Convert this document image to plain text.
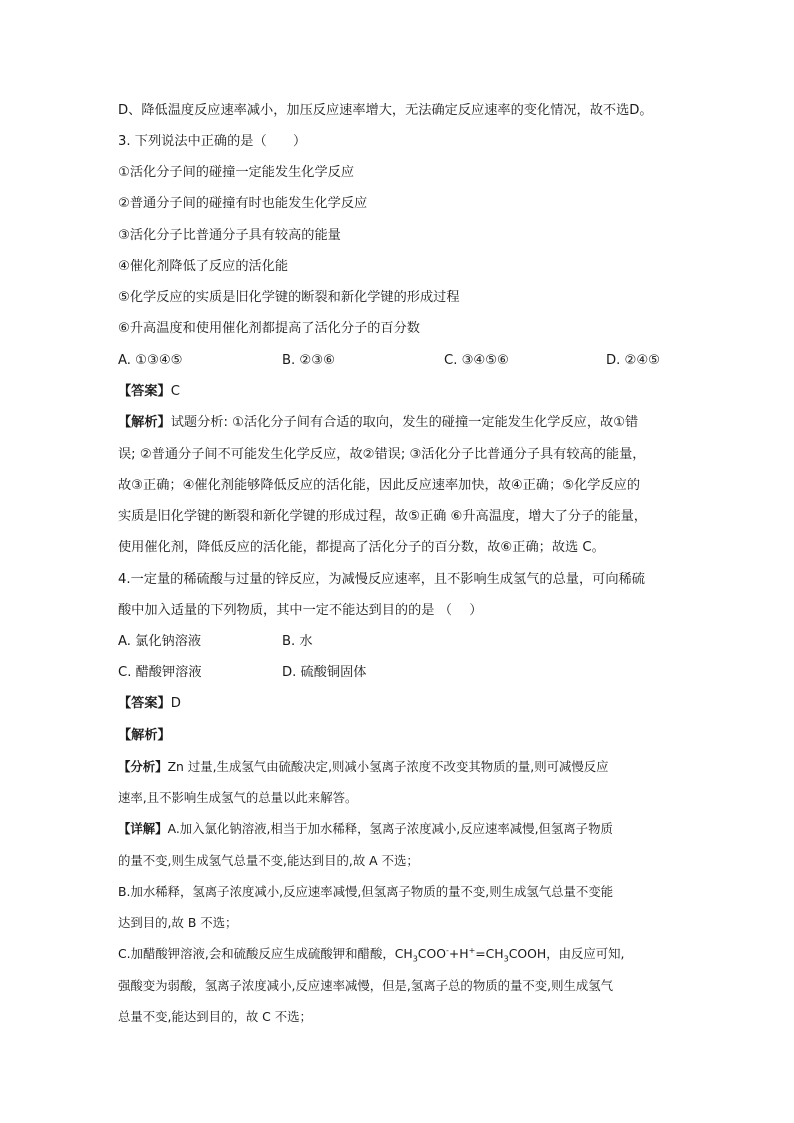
D、降低温度反应速率减小，加压反应速率增大，无法确定反应速率的变化情况，故不选D。
3. 下列说法中正确的是（　　）
①活化分子间的碰撞一定能发生化学反应
②普通分子间的碰撞有时也能发生化学反应
③活化分子比普通分子具有较高的能量
④催化剂降低了反应的活化能
⑤化学反应的实质是旧化学键的断裂和新化学键的形成过程
⑥升高温度和使用催化剂都提高了活化分子的百分数
A. ①③④⑤	B. ②③⑥	C. ③④⑤⑥	D. ②④⑤
【答案】C
【解析】试题分析: ①活化分子间有合适的取向，发生的碰撞一定能发生化学反应，故①错
误; ②普通分子间不可能发生化学反应，故②错误; ③活化分子比普通分子具有较高的能量，
故③正确；④催化剂能够降低反应的活化能，因此反应速率加快，故④正确；⑤化学反应的
实质是旧化学键的断裂和新化学键的形成过程，故⑤正确 ⑥升高温度，增大了分子的能量，
使用催化剂，降低反应的活化能，都提高了活化分子的百分数，故⑥正确；故选 C。
4.一定量的稀硫酸与过量的锌反应，为减慢反应速率，且不影响生成氢气的总量，可向稀硫
酸中加入适量的下列物质，其中一定不能达到目的的是 （　 ）
A. 氯化钠溶液	B. 水
C. 醋酸钾溶液	D. 硫酸铜固体
【答案】D
【解析】
【分析】Zn 过量,生成氢气由硫酸决定,则减小氢离子浓度不改变其物质的量,则可减慢反应
速率,且不影响生成氢气的总量以此来解答。
【详解】A.加入氯化钠溶液,相当于加水稀释，氢离子浓度减小,反应速率减慢,但氢离子物质
的量不变,则生成氢气总量不变,能达到目的,故 A 不选；
B.加水稀释，氢离子浓度减小,反应速率减慢,但氢离子物质的量不变,则生成氢气总量不变能
达到目的,故 B 不选；
C.加醋酸钾溶液,会和硫酸反应生成硫酸钾和醋酸，$CH_3COO^-+H^+=CH_3COOH$，由反应可知,
强酸变为弱酸，氢离子浓度减小,反应速率减慢，但是,氢离子总的物质的量不变,则生成氢气
总量不变,能达到目的，故 C 不选；
